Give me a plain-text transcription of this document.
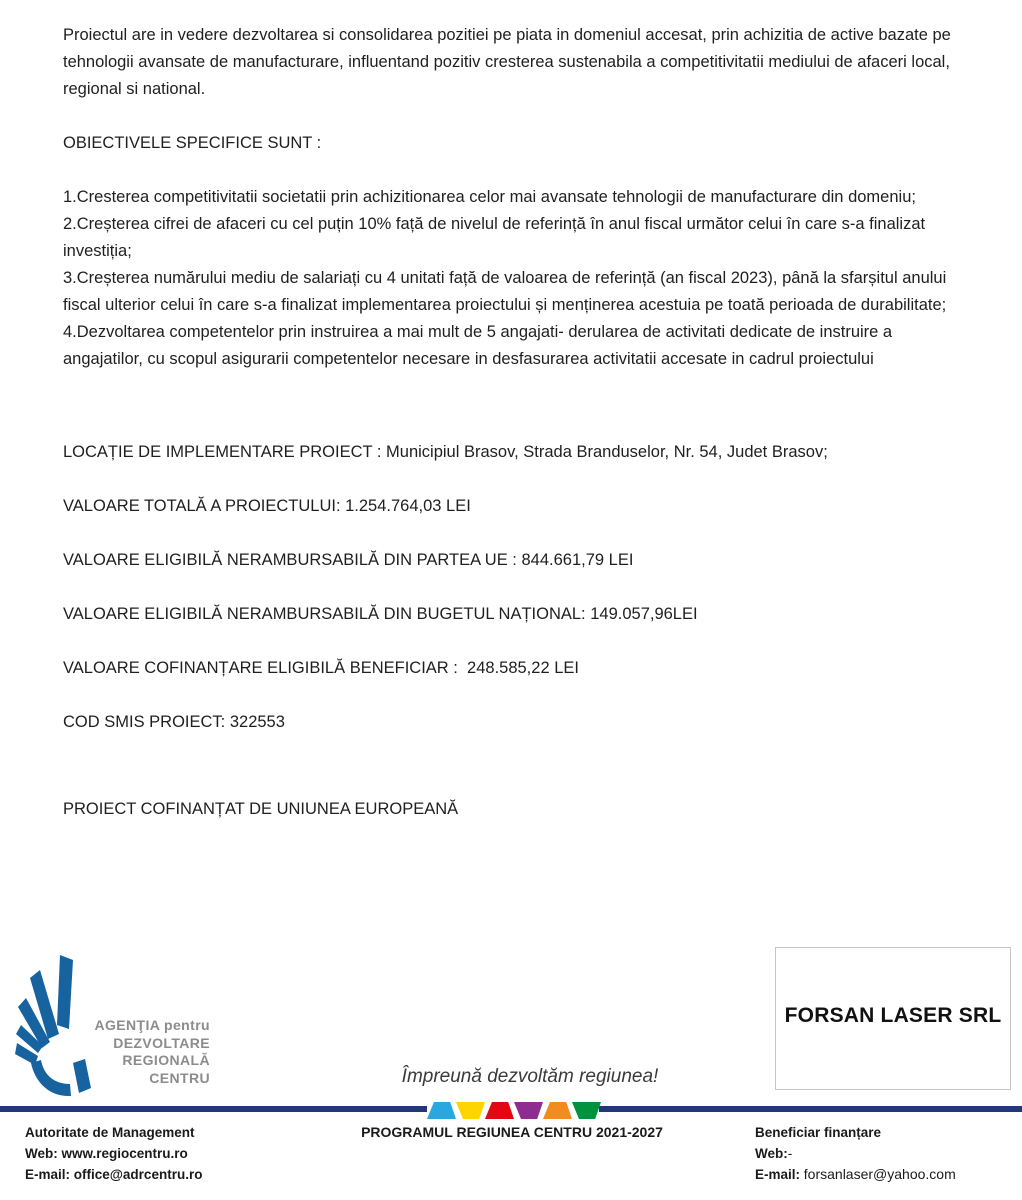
Proiectul are in vedere dezvoltarea si consolidarea pozitiei pe piata in domeniul accesat, prin achizitia de active bazate pe tehnologii avansate de manufacturare, influentand pozitiv cresterea sustenabila a competitivitatii mediului de afaceri local, regional si national.

OBIECTIVELE SPECIFICE SUNT :

1.Cresterea competitivitatii societatii prin achizitionarea celor mai avansate tehnologii de manufacturare din domeniu;
2.Creșterea cifrei de afaceri cu cel puțin 10% față de nivelul de referință în anul fiscal următor celui în care s-a finalizat investiția;
3.Creșterea numărului mediu de salariați cu 4 unitati față de valoarea de referință (an fiscal 2023), până la sfarșitul anului fiscal ulterior celui în care s-a finalizat implementarea proiectului și menținerea acestuia pe toată perioada de durabilitate;
4.Dezvoltarea competentelor prin instruirea a mai mult de 5 angajati- derularea de activitati dedicate de instruire a angajatilor, cu scopul asigurarii competentelor necesare in desfasurarea activitatii accesate in cadrul proiectului

LOCAȚIE DE IMPLEMENTARE PROIECT : Municipiul Brasov, Strada Branduselor, Nr. 54, Judet Brasov;

VALOARE TOTALĂ A PROIECTULUI: 1.254.764,03 LEI

VALOARE ELIGIBILĂ NERAMBURSABILĂ DIN PARTEA UE : 844.661,79 LEI

VALOARE ELIGIBILĂ NERAMBURSABILĂ DIN BUGETUL NAȚIONAL: 149.057,96LEI

VALOARE COFINANȚARE ELIGIBILĂ BENEFICIAR :  248.585,22 LEI

COD SMIS PROIECT: 322553

PROIECT COFINANȚAT DE UNIUNEA EUROPEANĂ

AGENŢIA pentru
DEZVOLTARE
REGIONALĂ
CENTRU	Împreună dezvoltăm regiunea!
FORSAN LASER SRL
Autoritate de Management
Web: www.regiocentru.ro
E-mail: office@adrcentru.ro
PROGRAMUL REGIUNEA CENTRU 2021-2027	Beneficiar finanțare
Web:-
E-mail: forsanlaser@yahoo.com
